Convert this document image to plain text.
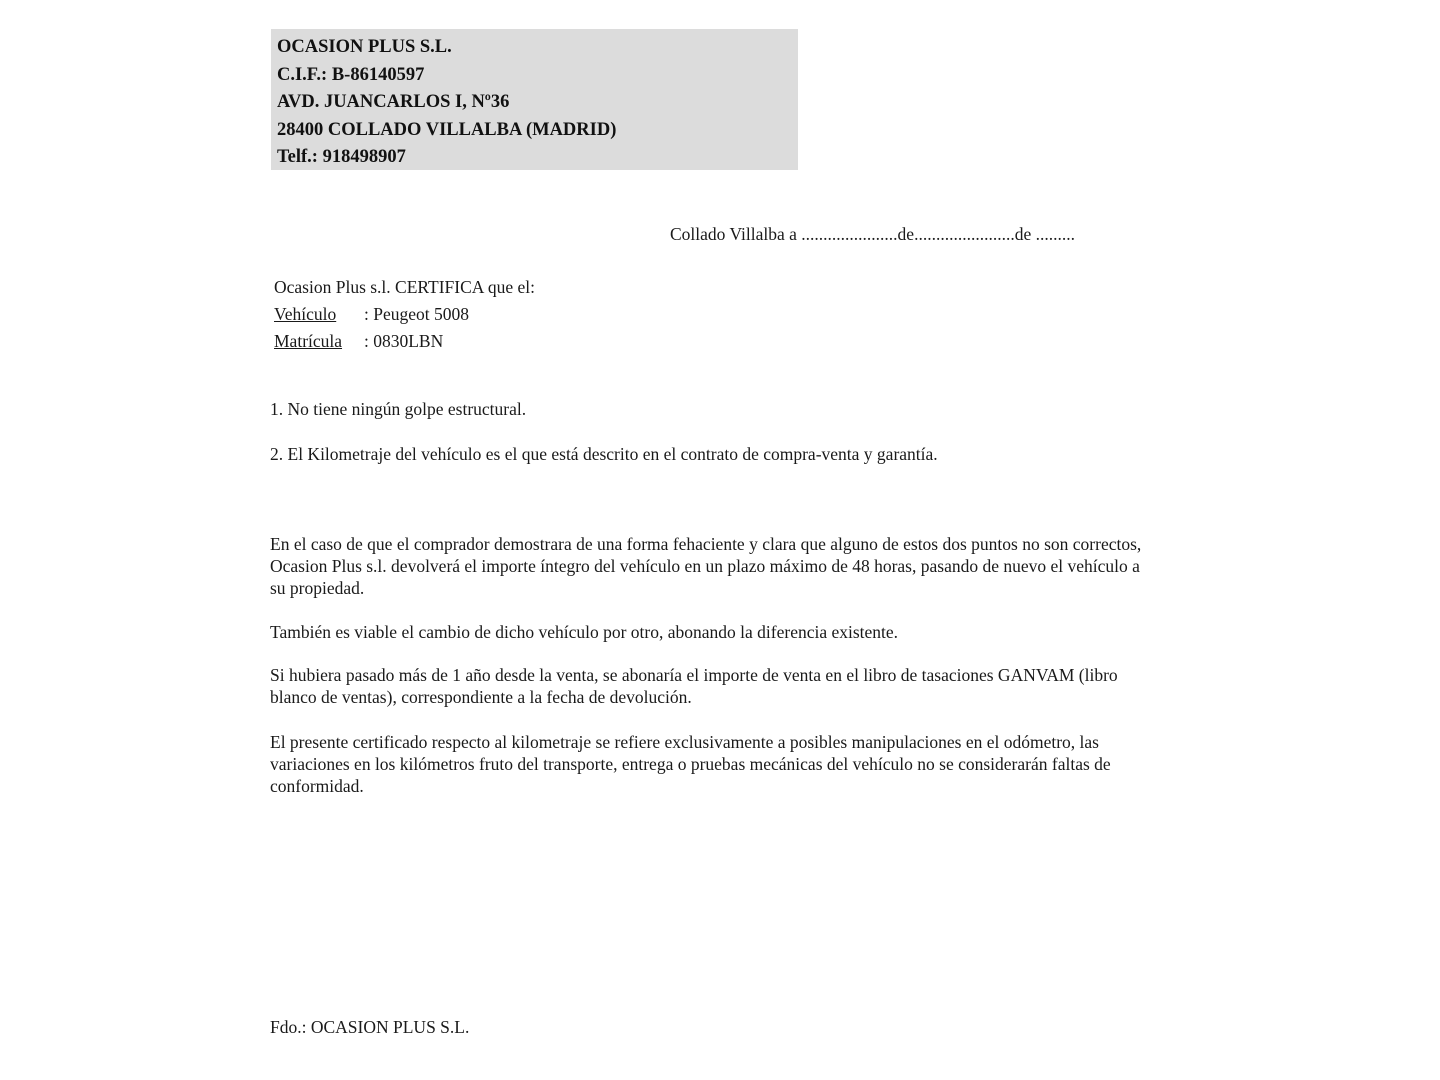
OCASION PLUS S.L.
C.I.F.: B-86140597
AVD. JUANCARLOS I, Nº36
28400 COLLADO VILLALBA (MADRID)
Telf.: 918498907
Collado Villalba a ......................de.......................de .........
Ocasion Plus s.l. CERTIFICA que el:
Vehículo : Peugeot 5008
Matrícula : 0830LBN
1. No tiene ningún golpe estructural.
2. El Kilometraje del vehículo es el que está descrito en el contrato de compra-venta y garantía.
En el caso de que el comprador demostrara de una forma fehaciente y clara que alguno de estos dos puntos no son correctos, Ocasion Plus s.l. devolverá el importe íntegro del vehículo en un plazo máximo de 48 horas, pasando de nuevo el vehículo a su propiedad.
También es viable el cambio de dicho vehículo por otro, abonando la diferencia existente.
Si hubiera pasado más de 1 año desde la venta, se abonaría el importe de venta en el libro de tasaciones GANVAM (libro blanco de ventas), correspondiente a la fecha de devolución.
El presente certificado respecto al kilometraje se refiere exclusivamente a posibles manipulaciones en el odómetro, las variaciones en los kilómetros fruto del transporte, entrega o pruebas mecánicas del vehículo no se considerarán faltas de conformidad.
Fdo.: OCASION PLUS S.L.
